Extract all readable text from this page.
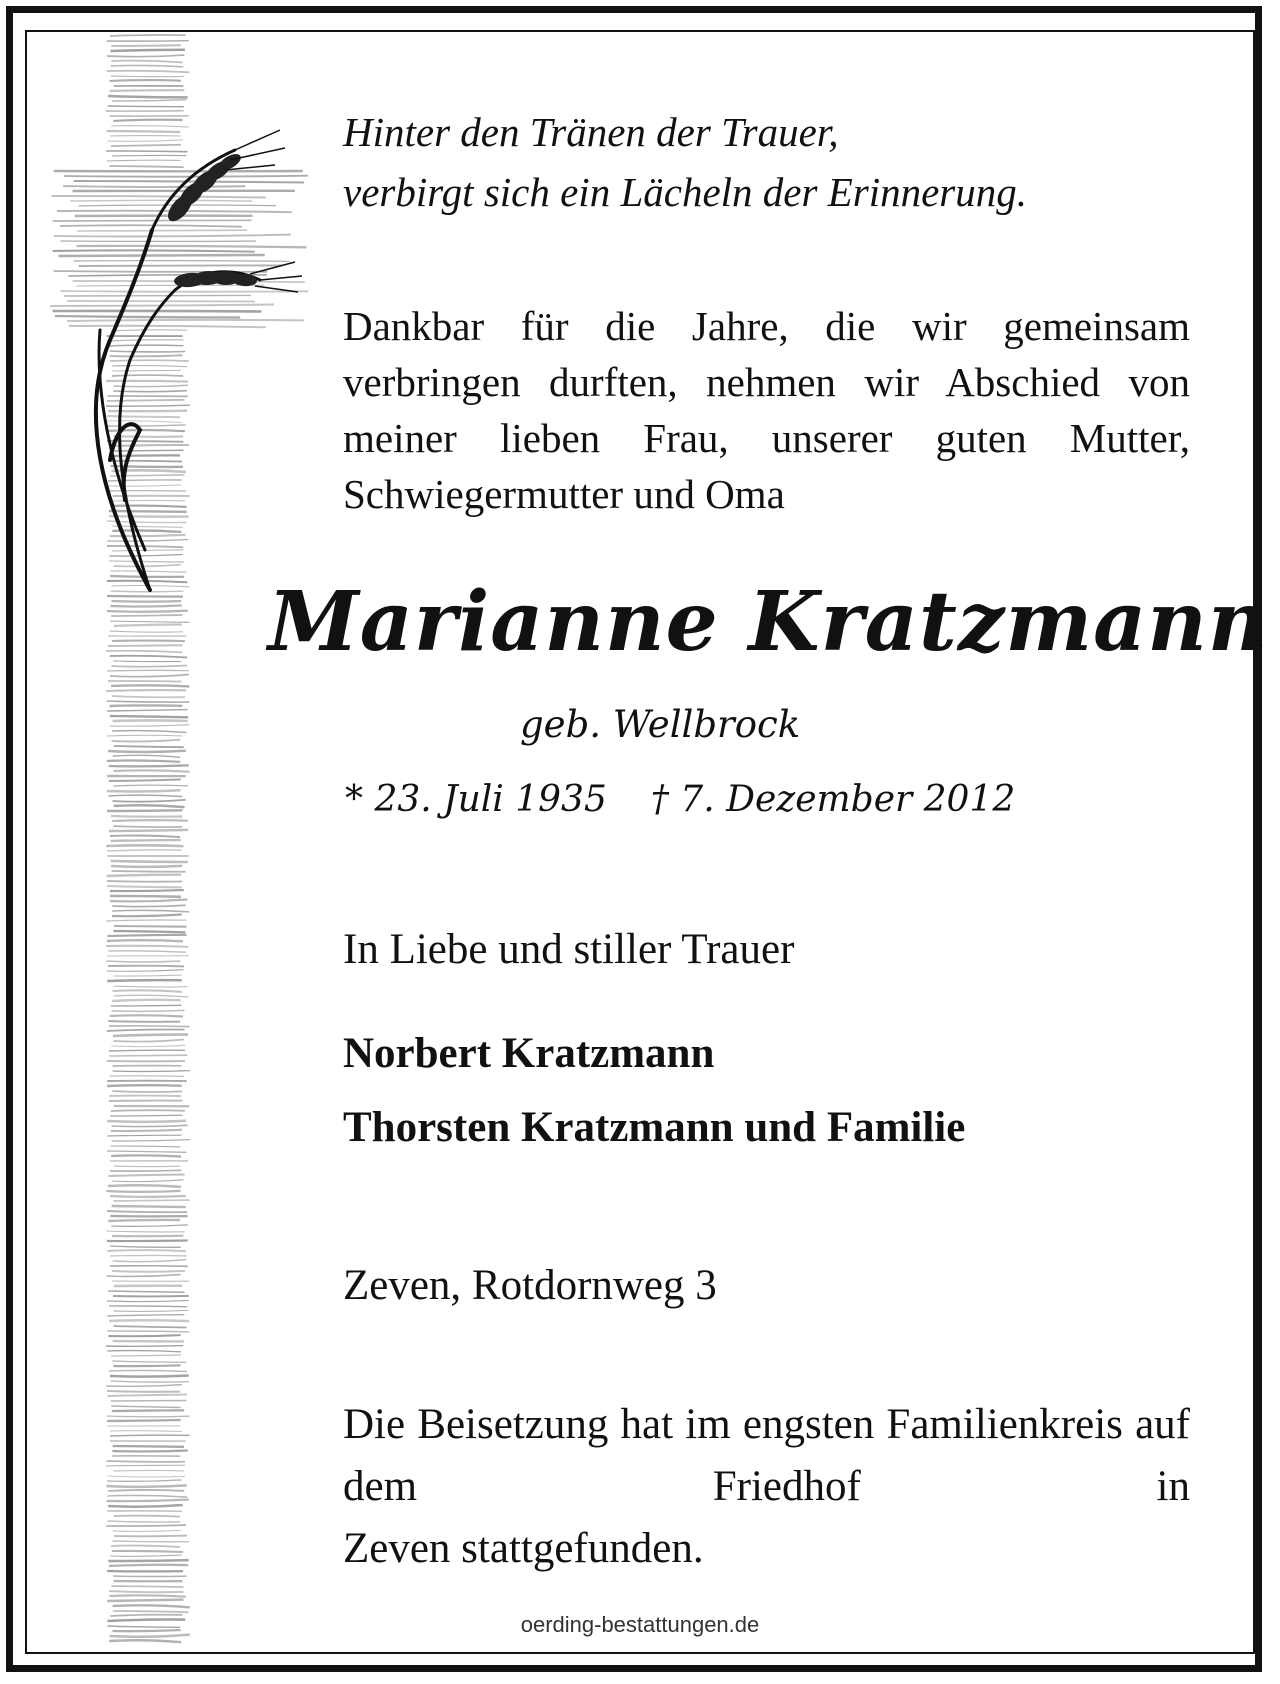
Hinter den Tränen der Trauer,
verbirgt sich ein Lächeln der Erinnerung.

Dankbar für die Jahre, die wir gemeinsam verbringen durften, nehmen wir Abschied von meiner lieben Frau, unserer guten Mutter, Schwiegermutter und Oma

Marianne Kratzmann

geb. Wellbrock

* 23. Juli 1935 † 7. Dezember 2012

In Liebe und stiller Trauer

Norbert Kratzmann
Thorsten Kratzmann und Familie

Zeven, Rotdornweg 3

Die Beisetzung hat im engsten Familienkreis auf dem Friedhof in
Zeven stattgefunden.

oerding-bestattungen.de
